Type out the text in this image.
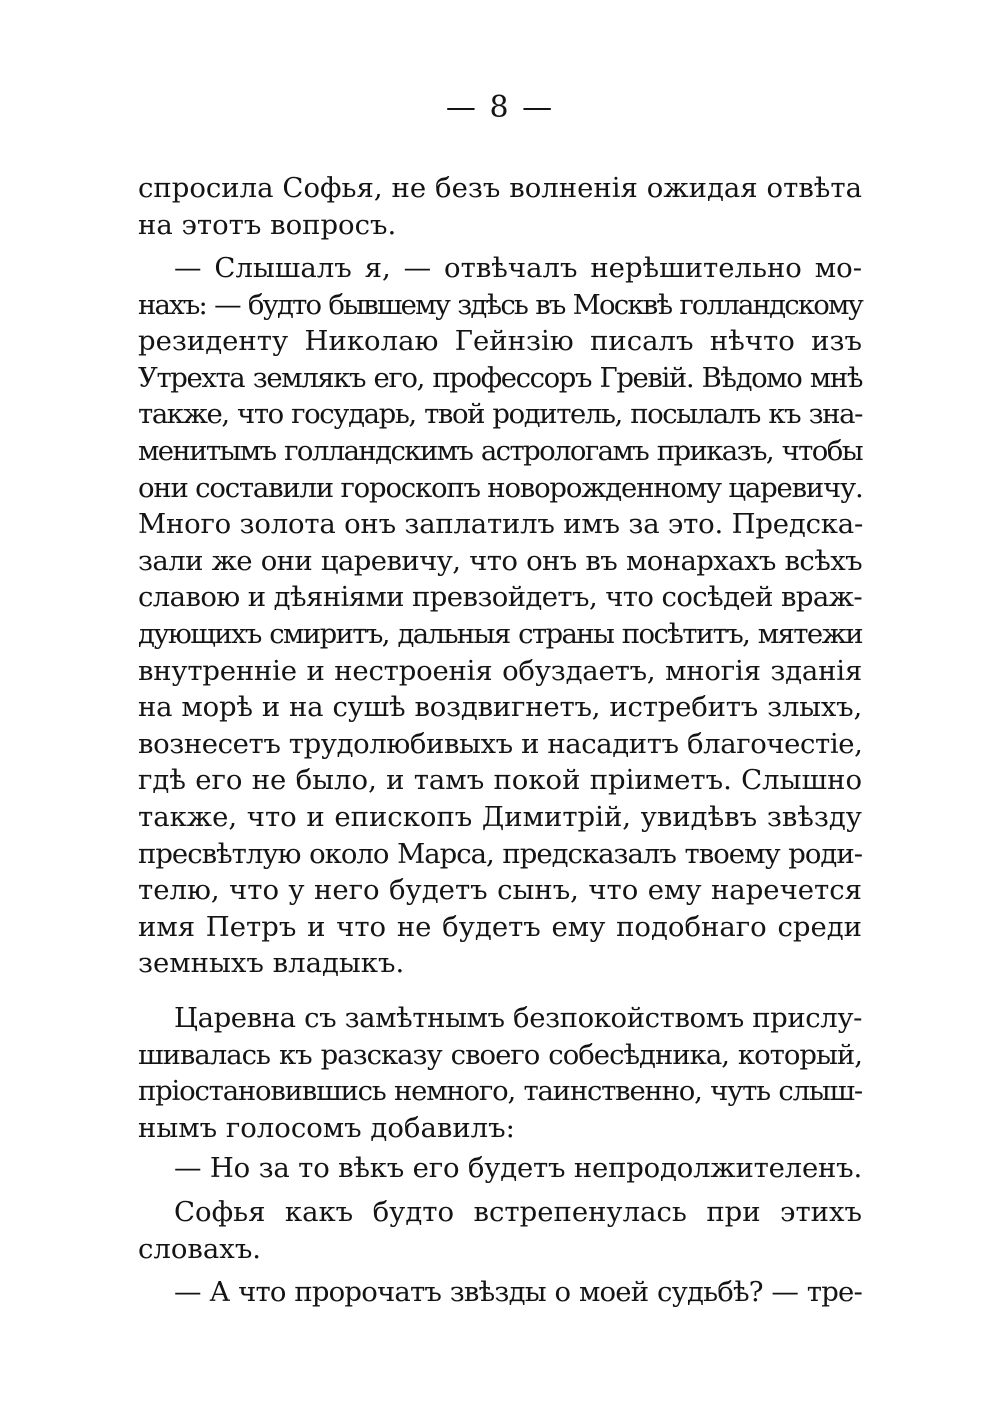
— 8 —
спросила Софья, не безъ волненія ожидая отвѣта
на этотъ вопросъ.
— Слышалъ я, — отвѣчалъ нерѣшительно мо-
нахъ: — будто бывшему здѣсь въ Москвѣ голландскому
резиденту Николаю Гейнзію писалъ нѣчто изъ
Утрехта землякъ его, профессоръ Гревій. Вѣдомо мнѣ
также, что государь, твой родитель, посылалъ къ зна-
менитымъ голландскимъ астрологамъ приказъ, чтобы
они составили гороскопъ новорожденному царевичу.
Много золота онъ заплатилъ имъ за это. Предска-
зали же они царевичу, что онъ въ монархахъ всѣхъ
славою и дѣяніями превзойдетъ, что сосѣдей враж-
дующихъ смиритъ, дальныя страны посѣтитъ, мятежи
внутренніе и нестроенія обуздаетъ, многія зданія
на морѣ и на сушѣ воздвигнетъ, истребитъ злыхъ,
вознесетъ трудолюбивыхъ и насадитъ благочестіе,
гдѣ его не было, и тамъ покой пріиметъ. Слышно
также, что и епископъ Димитрій, увидѣвъ звѣзду
пресвѣтлую около Марса, предсказалъ твоему роди-
телю, что у него будетъ сынъ, что ему наречется
имя Петръ и что не будетъ ему подобнаго среди
земныхъ владыкъ.
Царевна съ замѣтнымъ безпокойствомъ прислу-
шивалась къ разсказу своего собесѣдника, который,
пріостановившись немного, таинственно, чуть слыш-
нымъ голосомъ добавилъ:
— Но за то вѣкъ его будетъ непродолжителенъ.
Софья какъ будто встрепенулась при этихъ
словахъ.
— А что пророчатъ звѣзды о моей судьбѣ? — тре-
